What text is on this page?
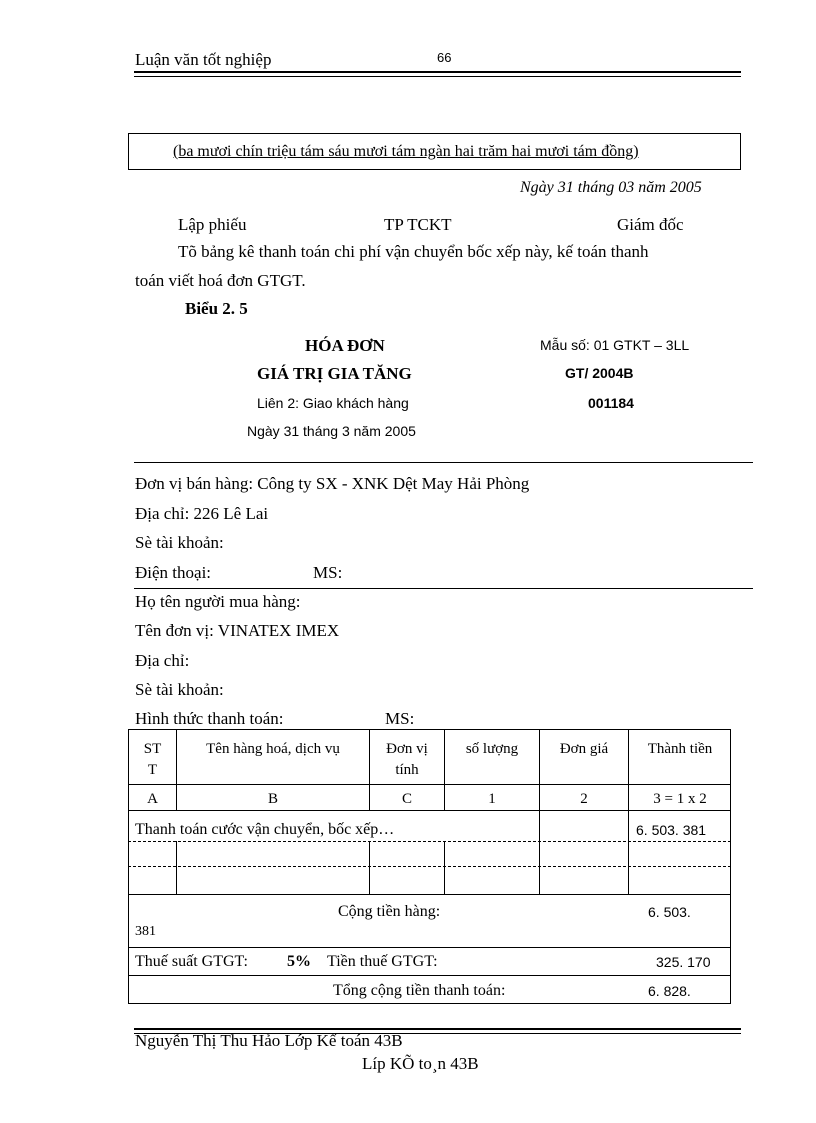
Luận văn tốt nghiệp	66
(ba mươi chín triệu tám sáu mươi tám ngàn hai trăm hai mươi tám đồng)
Ngày 31 tháng 03 năm 2005
Lập phiếu	TP TCKT	Giám đốc
Tõ bảng kê thanh toán chi phí vận chuyển bốc xếp này, kế toán thanh
toán viết hoá đơn GTGT.
Biểu 2. 5
HÓA ĐƠN
GIÁ TRỊ GIA TĂNG
Liên 2: Giao khách hàng
Ngày 31 tháng 3 năm 2005
Mẫu số: 01 GTKT – 3LL
GT/ 2004B
001184
Đơn vị bán hàng: Công ty SX - XNK Dệt May Hải Phòng
Địa chỉ: 226 Lê Lai
Sè tài khoản:
Điện thoại:	MS:
Họ tên người mua hàng:
Tên đơn vị: VINATEX IMEX
Địa chỉ:
Sè tài khoản:
Hình thức thanh toán:	MS:
ST
T
Tên hàng hoá, dịch vụ	Đơn vị
tính
số lượng	Đơn giá	Thành tiền
A	B	C	1	2	3 = 1 x 2
Thanh toán cước vận chuyển, bốc xếp…	6. 503. 381
Cộng tiền hàng:	6. 503.
381
Thuế suất GTGT: 5% Tiền thuế GTGT:	325. 170
Tổng cộng tiền thanh toán:	6. 828.
Nguyễn Thị Thu Hảo Lớp Kế toán 43B
Líp KÕ to¸n 43B
